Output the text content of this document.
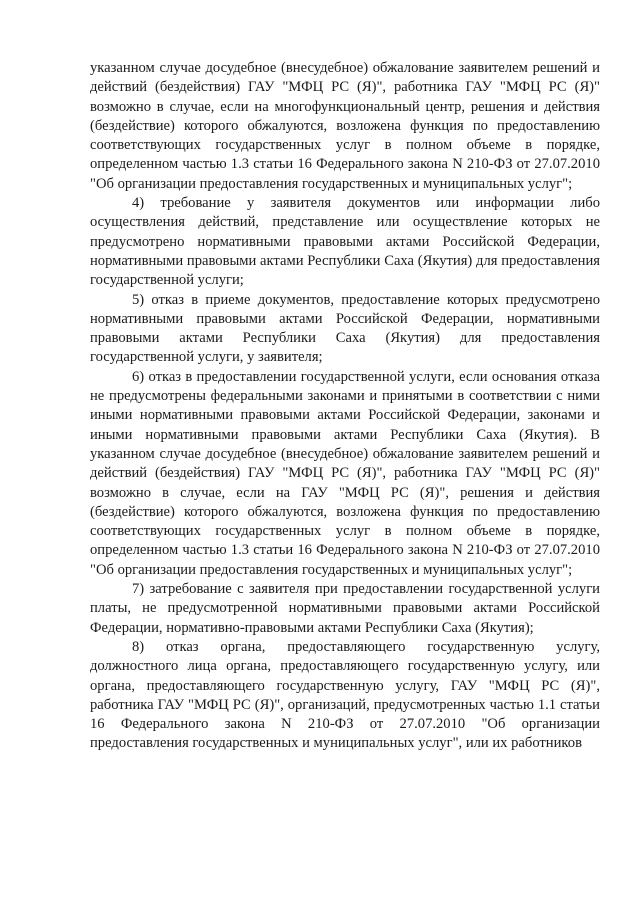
указанном случае досудебное (внесудебное) обжалование заявителем решений и действий (бездействия) ГАУ "МФЦ РС (Я)", работника ГАУ "МФЦ РС (Я)" возможно в случае, если на многофункциональный центр, решения и действия (бездействие) которого обжалуются, возложена функция по предоставлению соответствующих государственных услуг в полном объеме в порядке, определенном частью 1.3 статьи 16 Федерального закона N 210-ФЗ от 27.07.2010 "Об организации предоставления государственных и муниципальных услуг";

4) требование у заявителя документов или информации либо осуществления действий, представление или осуществление которых не предусмотрено нормативными правовыми актами Российской Федерации, нормативными правовыми актами Республики Саха (Якутия) для предоставления государственной услуги;

5) отказ в приеме документов, предоставление которых предусмотрено нормативными правовыми актами Российской Федерации, нормативными правовыми актами Республики Саха (Якутия) для предоставления государственной услуги, у заявителя;

6) отказ в предоставлении государственной услуги, если основания отказа не предусмотрены федеральными законами и принятыми в соответствии с ними иными нормативными правовыми актами Российской Федерации, законами и иными нормативными правовыми актами Республики Саха (Якутия). В указанном случае досудебное (внесудебное) обжалование заявителем решений и действий (бездействия) ГАУ "МФЦ РС (Я)", работника ГАУ "МФЦ РС (Я)" возможно в случае, если на ГАУ "МФЦ РС (Я)", решения и действия (бездействие) которого обжалуются, возложена функция по предоставлению соответствующих государственных услуг в полном объеме в порядке, определенном частью 1.3 статьи 16 Федерального закона N 210-ФЗ от 27.07.2010 "Об организации предоставления государственных и муниципальных услуг";

7) затребование с заявителя при предоставлении государственной услуги платы, не предусмотренной нормативными правовыми актами Российской Федерации, нормативно-правовыми актами Республики Саха (Якутия);

8) отказ органа, предоставляющего государственную услугу, должностного лица органа, предоставляющего государственную услугу, или органа, предоставляющего государственную услугу, ГАУ "МФЦ РС (Я)", работника ГАУ "МФЦ РС (Я)", организаций, предусмотренных частью 1.1 статьи 16 Федерального закона N 210-ФЗ от 27.07.2010 "Об организации предоставления государственных и муниципальных услуг", или их работников
